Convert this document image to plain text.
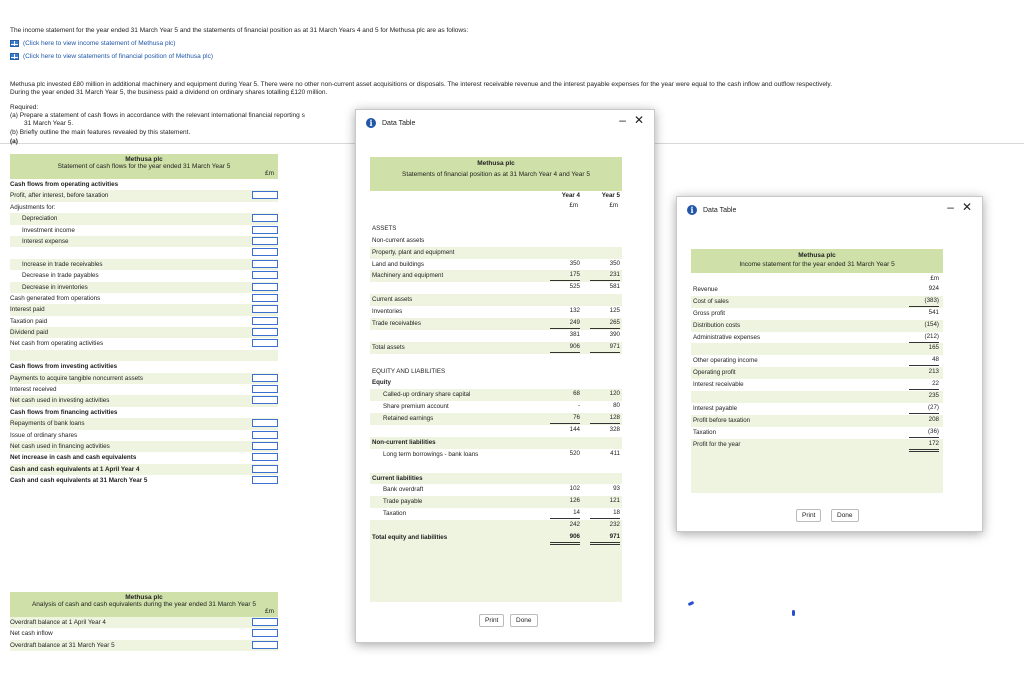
The income statement for the year ended 31 March Year 5 and the statements of financial position as at 31 March Years 4 and 5 for Methusa plc are as follows:
(Click here to view income statement of Methusa plc)
(Click here to view statements of financial position of Methusa plc)
Methusa plc invested £80 million in additional machinery and equipment during Year 5. There were no other non-current asset acquisitions or disposals. The interest receivable revenue and the interest payable expenses for the year were equal to the cash inflow and outflow respectively.
During the year ended 31 March Year 5, the business paid a dividend on ordinary shares totalling £120 million.
Required:
(a) Prepare a statement of cash flows in accordance with the relevant international financial reporting s
31 March Year 5.
(b) Briefly outline the main features revealed by this statement.
(a)
Methusa plc
Statement of cash flows for the year ended 31 March Year 5
£m
Cash flows from operating activities
Profit, after interest, before taxation
Adjustments for:
Depreciation
Investment income
Interest expense
Increase in trade receivables
Decrease in trade payables
Decrease in inventories
Cash generated from operations
Interest paid
Taxation paid
Dividend paid
Net cash from operating activities
Cash flows from investing activities
Payments to acquire tangible noncurrent assets
Interest received
Net cash used in investing activities
Cash flows from financing activities
Repayments of bank loans
Issue of ordinary shares
Net cash used in financing activities
Net increase in cash and cash equivalents
Cash and cash equivalents at 1 April Year 4
Cash and cash equivalents at 31 March Year 5
Methusa plc
Analysis of cash and cash equivalents during the year ended 31 March Year 5
£m
Overdraft balance at 1 April Year 4
Net cash inflow
Overdraft balance at 31 March Year 5
i	Data Table	– ✕
Methusa plc
Statements of financial position as at 31 March Year 4 and Year 5
Year 4	Year 5
£m	£m
ASSETS
Non-current assets
Property, plant and equipment
Land and buildings	350	350
Machinery and equipment	175	231
525	581
Current assets
Inventories	132	125
Trade receivables	249	265
381	390
Total assets	906	971
EQUITY AND LIABILITIES
Equity
Called-up ordinary share capital	68	120
Share premium account	-	80
Retained earnings	76	128
144	328
Non-current liabilities
Long term borrowings - bank loans	520	411
Current liabilities
Bank overdraft	102	93
Trade payable	126	121
Taxation	14	18
242	232
Total equity and liabilities	906	971
Print	Done
i	Data Table	– ✕
Methusa plc
Income statement for the year ended 31 March Year 5
£m
Revenue	924
Cost of sales	(383)
Gross profit	541
Distribution costs	(154)
Administrative expenses	(212)
165
Other operating income	48
Operating profit	213
Interest receivable	22
235
Interest payable	(27)
Profit before taxation	208
Taxation	(36)
Profit for the year	172
Print	Done
